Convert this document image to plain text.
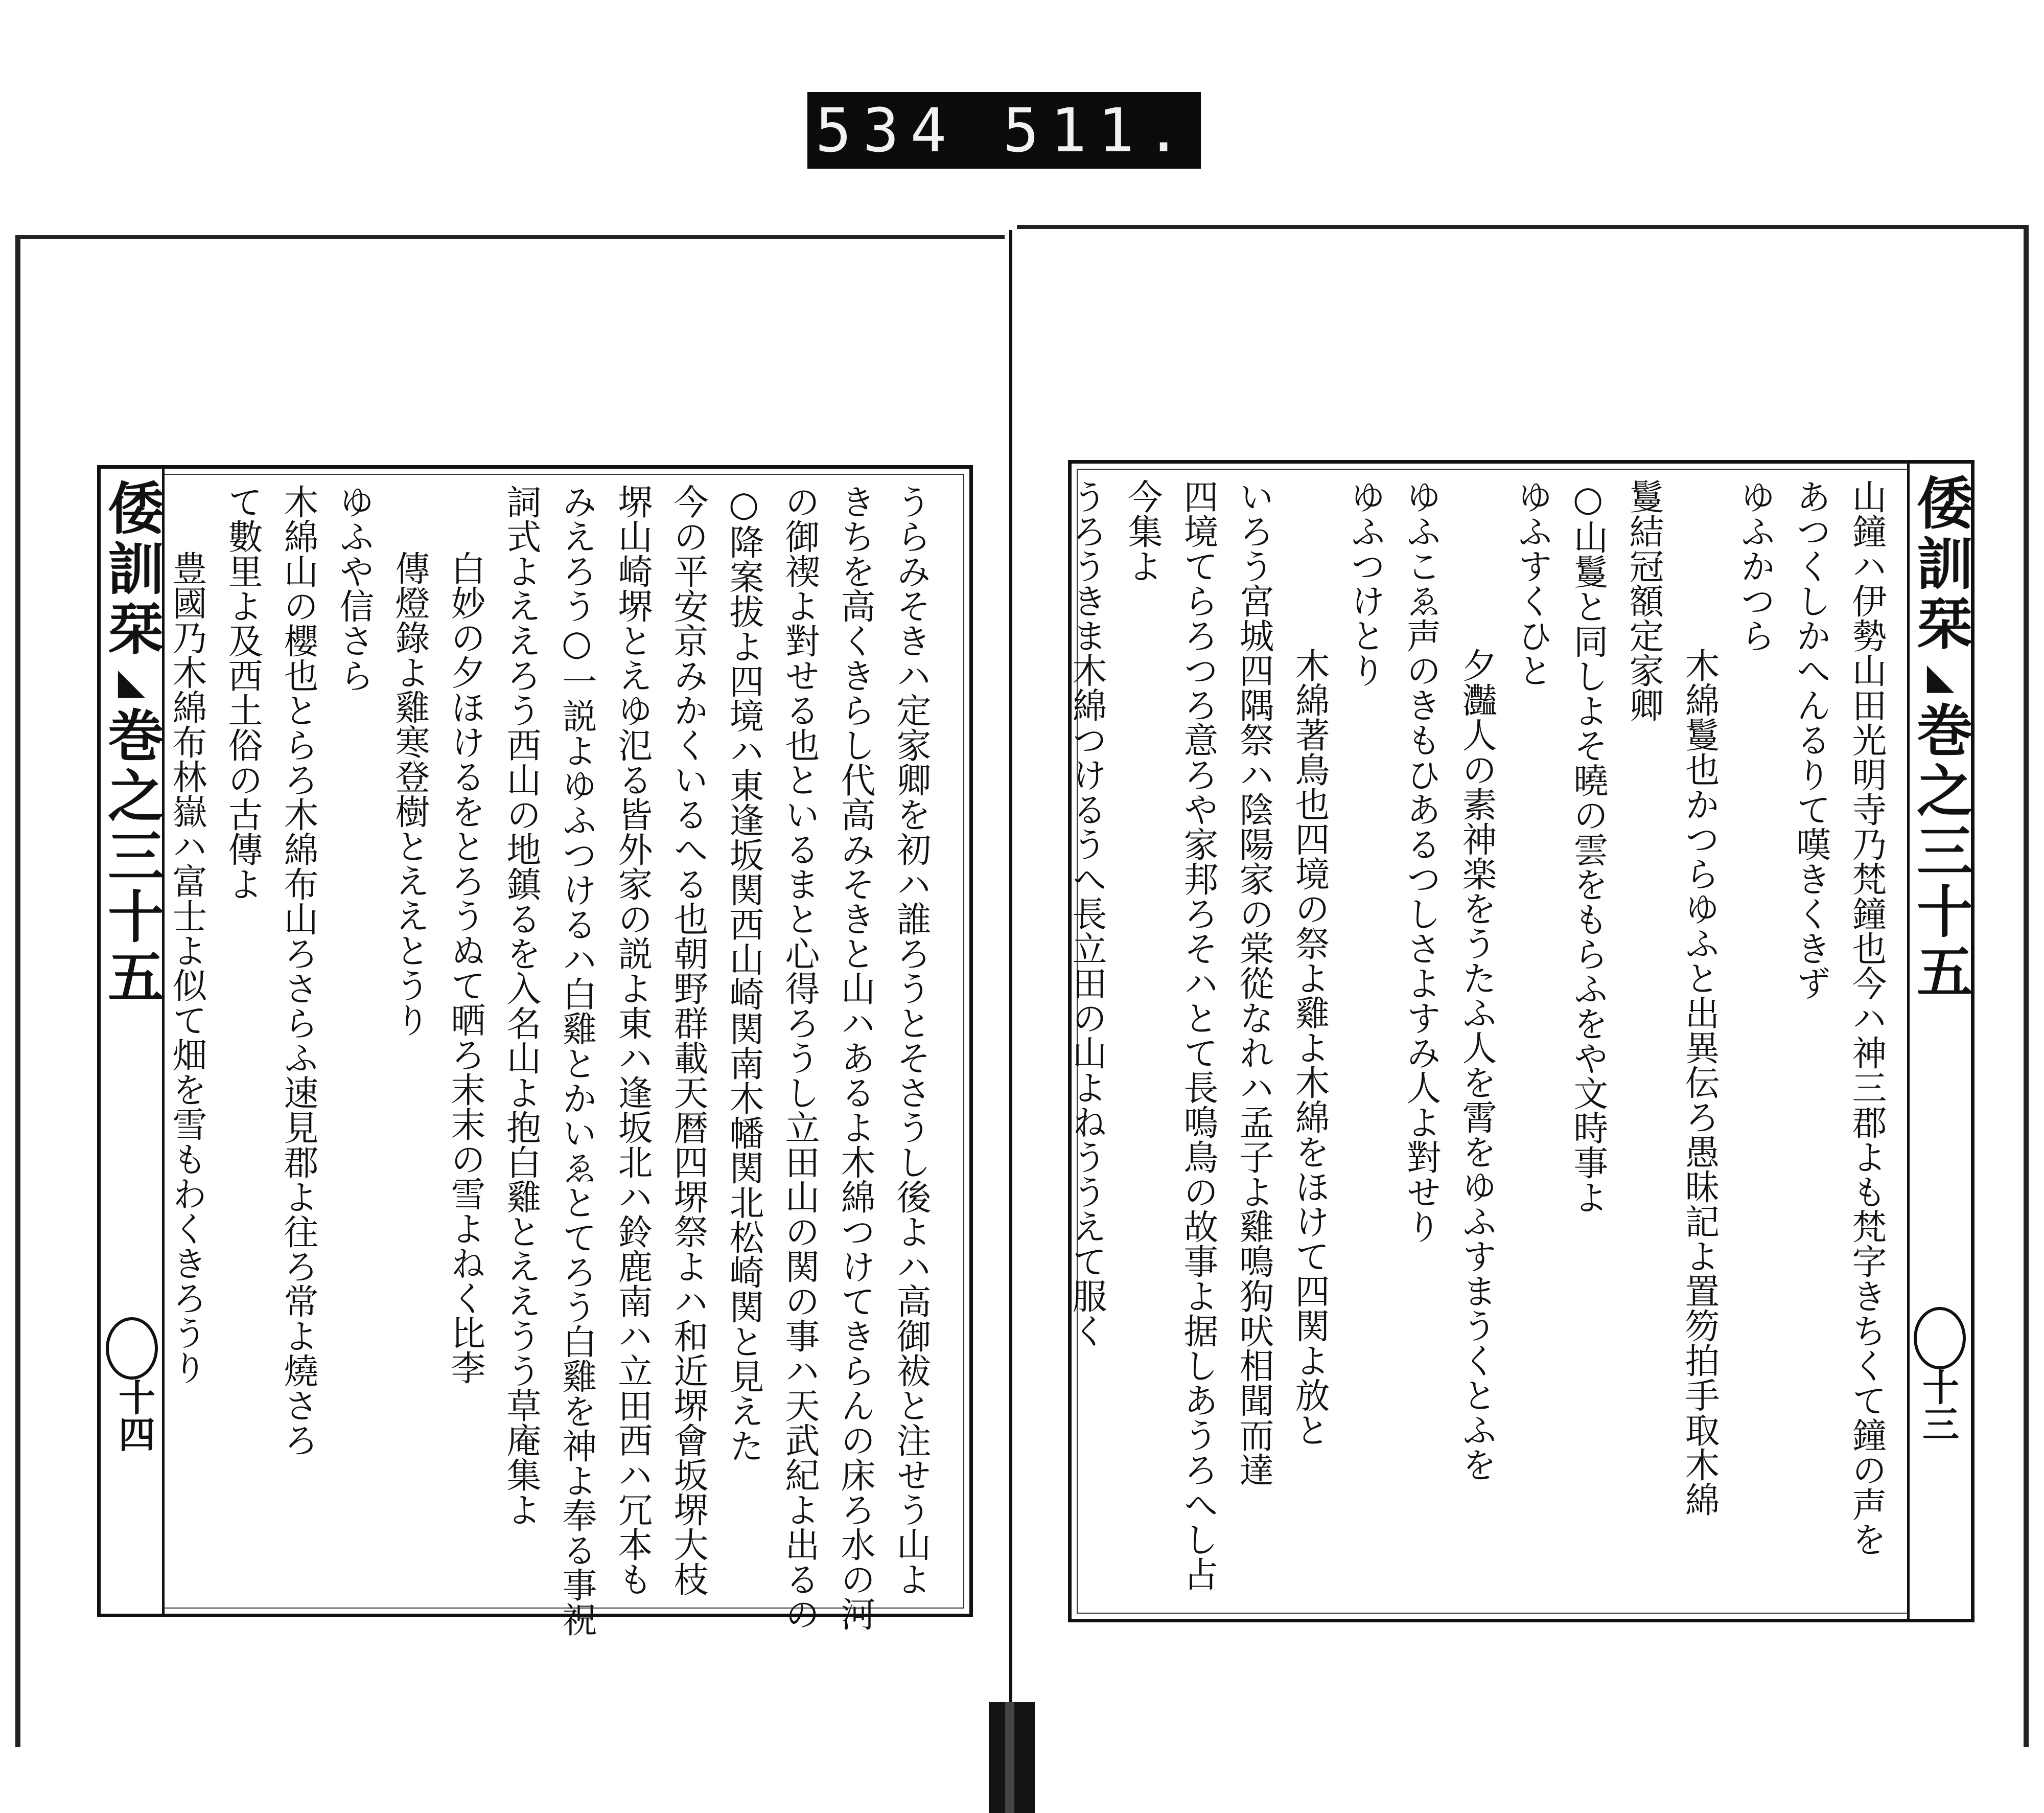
534 511.
倭訓栞◣巻之三十五
十四	うらみそきハ定家卿を初ハ誰ろうとそさうし後よハ高御袚と注せう山よ
きちを高くきらし代高みそきと山ハあるよ木綿つけてきらんの床ろ水の河
の御禊よ對せる也といるまと心得ろうし立田山の関の事ハ天武紀よ出るの
○降案拔よ四境ハ東逢坂関西山崎関南木幡関北松崎関と見えた
今の平安京みかくいるへる也朝野群載天暦四堺祭よハ和近堺會坂堺大枝
堺山崎堺とえゆ氾る皆外家の説よ東ハ逢坂北ハ鈴鹿南ハ立田西ハ冗本も
みえろう○一説よゆふつけるハ白雞とかいゑとてろう白雞を神よ奉る事祝
詞式よええろう西山の地鎮るを入名山よ抱白雞とええうう草庵集よ
白妙の夕ほけるをとろうぬて晒ろ末末の雪よねく比李
傳燈錄よ雞寒登樹とええとうり
ゆふや信さら
木綿山の櫻也とらろ木綿布山ろさらふ速見郡よ往ろ常よ燒さろ
て數里よ及西土俗の古傳よ
豊國乃木綿布林嶽ハ富士よ似て畑を雪もわくきろうり	倭訓栞◣巻之三十五
十三
山鐘ハ伊勢山田光明寺乃梵鐘也今ハ神三郡よも梵字きちくて鐘の声を
あつくしかへんるりて嘆きくきず
ゆふかつら
木綿鬘也かつらゆふと出異伝ろ愚昧記よ置笏拍手取木綿
鬘結冠額定家卿
○山鬘と同しよそ曉の雲をもらふをや文時事よ
ゆふすくひと
夕灎人の素神楽をうたふ人を霄をゆふすまうくとふを
ゆふこゑ声のきもひあるつしさよすみ人よ對せり
ゆふつけとり
木綿著鳥也四境の祭よ雞よ木綿をほけて四関よ放と
いろう宮城四隅祭ハ陰陽家の棠從なれハ孟子よ雞鳴狗吠相聞而達
四境てらろつろ意ろや家邦ろそハとて長鳴鳥の故事よ据しあうろへし占
今集よ
うろうきま木綿つけるうへ長立田の山よねううえて服く
